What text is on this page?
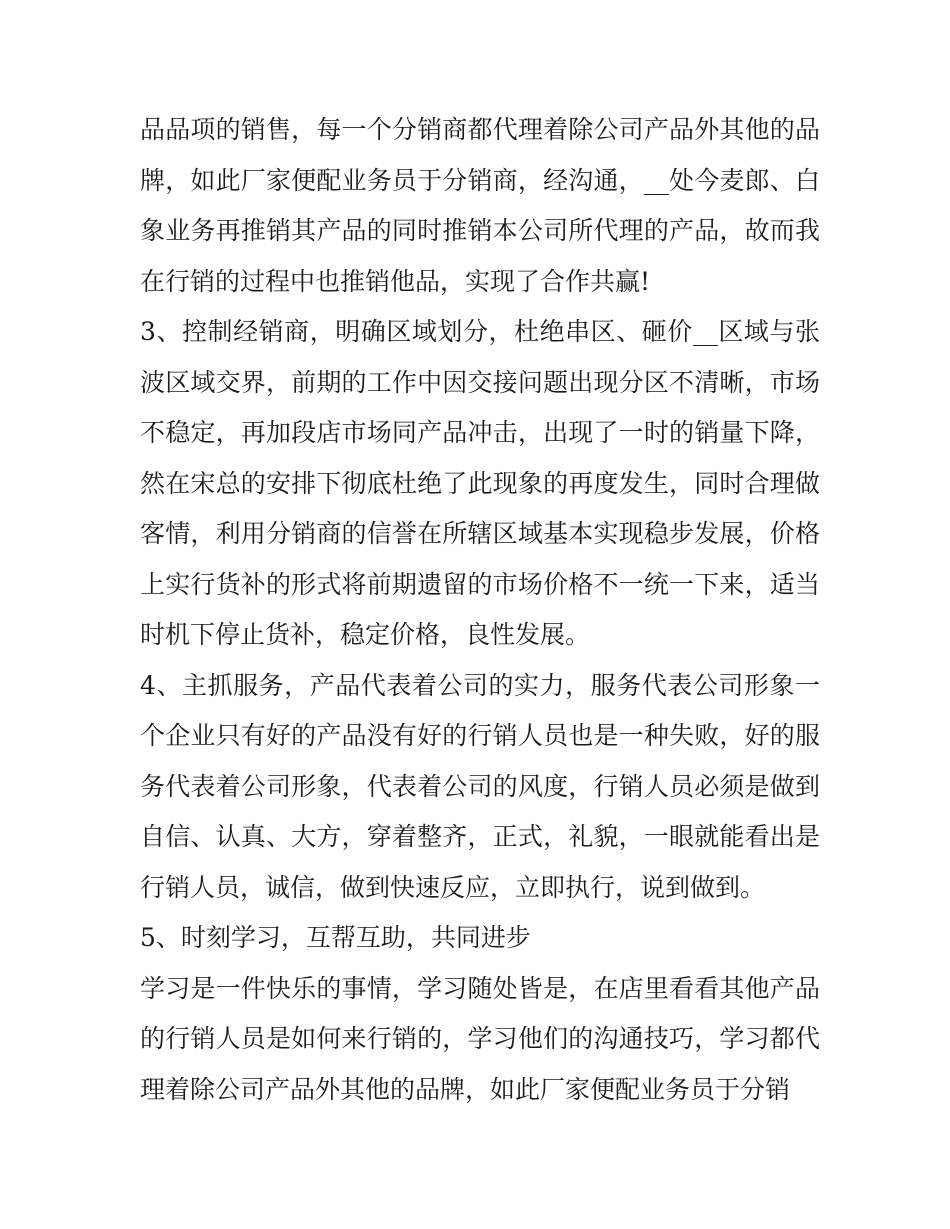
品品项的销售，每一个分销商都代理着除公司产品外其他的品
牌，如此厂家便配业务员于分销商，经沟通，__处今麦郎、白
象业务再推销其产品的同时推销本公司所代理的产品，故而我
在行销的过程中也推销他品，实现了合作共赢!
3、控制经销商，明确区域划分，杜绝串区、砸价__区域与张
波区域交界，前期的工作中因交接问题出现分区不清晰，市场
不稳定，再加段店市场同产品冲击，出现了一时的销量下降，
然在宋总的安排下彻底杜绝了此现象的再度发生，同时合理做
客情，利用分销商的信誉在所辖区域基本实现稳步发展，价格
上实行货补的形式将前期遗留的市场价格不一统一下来，适当
时机下停止货补，稳定价格，良性发展。
4、主抓服务，产品代表着公司的实力，服务代表公司形象一
个企业只有好的产品没有好的行销人员也是一种失败，好的服
务代表着公司形象，代表着公司的风度，行销人员必须是做到
自信、认真、大方，穿着整齐，正式，礼貌，一眼就能看出是
行销人员，诚信，做到快速反应，立即执行，说到做到。
5、时刻学习，互帮互助，共同进步
学习是一件快乐的事情，学习随处皆是，在店里看看其他产品
的行销人员是如何来行销的，学习他们的沟通技巧，学习都代
理着除公司产品外其他的品牌，如此厂家便配业务员于分销
